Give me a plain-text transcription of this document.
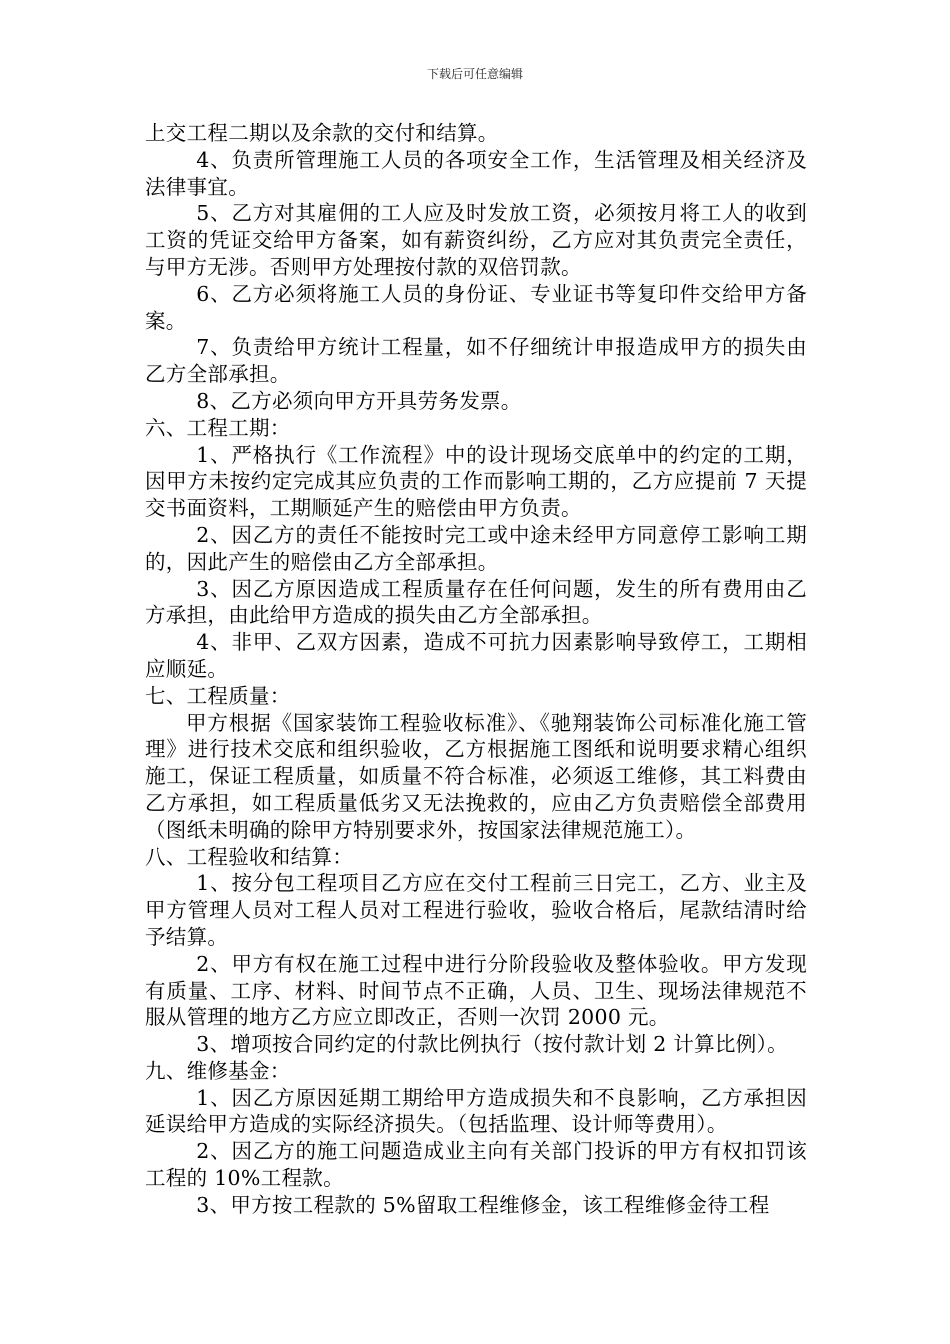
下载后可任意编辑

上交工程二期以及余款的交付和结算。

4、负责所管理施工人员的各项安全工作，生活管理及相关经济及法律事宜。

5、乙方对其雇佣的工人应及时发放工资，必须按月将工人的收到工资的凭证交给甲方备案，如有薪资纠纷，乙方应对其负责完全责任，与甲方无涉。否则甲方处理按付款的双倍罚款。

6、乙方必须将施工人员的身份证、专业证书等复印件交给甲方备案。

7、负责给甲方统计工程量，如不仔细统计申报造成甲方的损失由乙方全部承担。

8、乙方必须向甲方开具劳务发票。

六、工程工期：

1、严格执行《工作流程》中的设计现场交底单中的约定的工期，因甲方未按约定完成其应负责的工作而影响工期的，乙方应提前 7 天提交书面资料，工期顺延产生的赔偿由甲方负责。

2、因乙方的责任不能按时完工或中途未经甲方同意停工影响工期的，因此产生的赔偿由乙方全部承担。

3、因乙方原因造成工程质量存在任何问题，发生的所有费用由乙方承担，由此给甲方造成的损失由乙方全部承担。

4、非甲、乙双方因素，造成不可抗力因素影响导致停工，工期相应顺延。

七、工程质量：

甲方根据《国家装饰工程验收标准》、《驰翔装饰公司标准化施工管理》进行技术交底和组织验收，乙方根据施工图纸和说明要求精心组织施工，保证工程质量，如质量不符合标准，必须返工维修，其工料费由乙方承担，如工程质量低劣又无法挽救的，应由乙方负责赔偿全部费用（图纸未明确的除甲方特别要求外，按国家法律规范施工）。

八、工程验收和结算：

1、按分包工程项目乙方应在交付工程前三日完工，乙方、业主及甲方管理人员对工程人员对工程进行验收，验收合格后，尾款结清时给予结算。

2、甲方有权在施工过程中进行分阶段验收及整体验收。甲方发现有质量、工序、材料、时间节点不正确，人员、卫生、现场法律规范不服从管理的地方乙方应立即改正，否则一次罚 2000 元。

3、增项按合同约定的付款比例执行（按付款计划 2 计算比例）。

九、维修基金：

1、因乙方原因延期工期给甲方造成损失和不良影响，乙方承担因延误给甲方造成的实际经济损失。（包括监理、设计师等费用）。

2、因乙方的施工问题造成业主向有关部门投诉的甲方有权扣罚该工程的 10%工程款。

3、甲方按工程款的 5%留取工程维修金，该工程维修金待工程
